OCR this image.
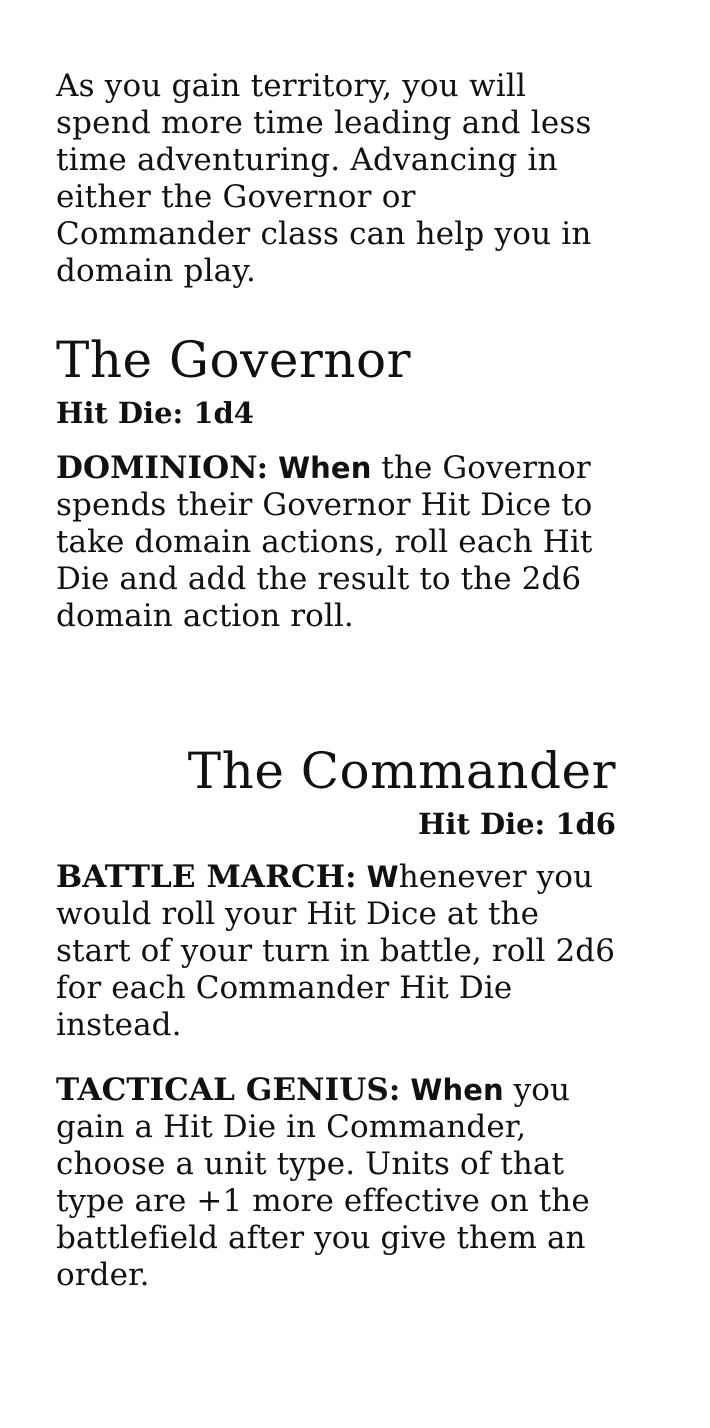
As you gain territory, you will spend more time leading and less time adventuring. Advancing in either the Governor or Commander class can help you in domain play.

The Governor

Hit Die: 1d4

DOMINION: When the Governor spends their Governor Hit Dice to take domain actions, roll each Hit Die and add the result to the 2d6 domain action roll.

The Commander

Hit Die: 1d6

BATTLE MARCH: Whenever you would roll your Hit Dice at the start of your turn in battle, roll 2d6 for each Commander Hit Die instead.

TACTICAL GENIUS: When you gain a Hit Die in Commander, choose a unit type. Units of that type are +1 more effective on the battlefield after you give them an order.
